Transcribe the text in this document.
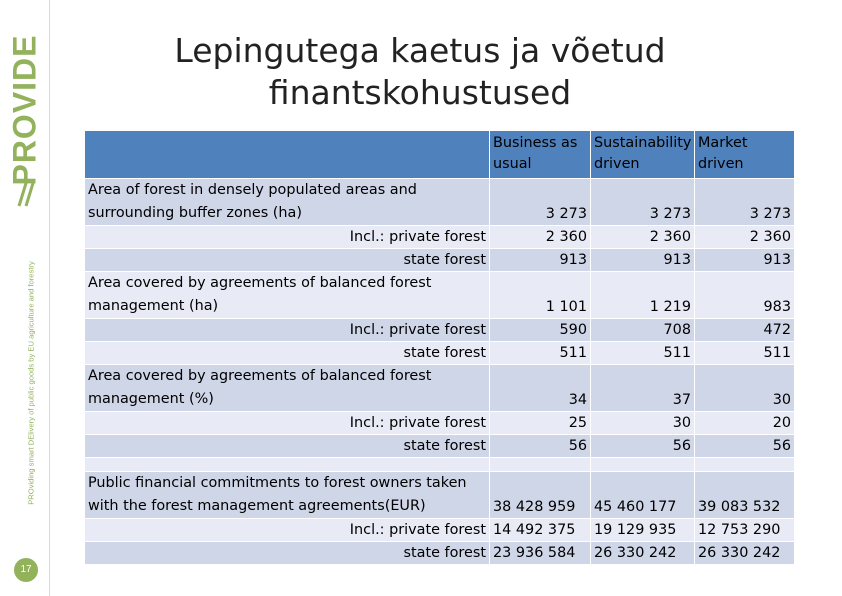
PROVIDE
PROviding smart DElivery of public goods by EU agriculture and forestry
17
Lepingutega kaetus ja võetud
finantskohustused
	Business as usual	Sustainability driven	Market driven
Area of forest in densely populated areas and surrounding buffer zones (ha)	3 273	3 273	3 273
Incl.: private forest	2 360	2 360	2 360
state forest	913	913	913
Area covered by agreements of balanced forest management (ha)	1 101	1 219	983
Incl.: private forest	590	708	472
state forest	511	511	511
Area covered by agreements of balanced forest management (%)	34	37	30
Incl.: private forest	25	30	20
state forest	56	56	56

Public financial commitments to forest owners taken with the forest management agreements(EUR)	38 428 959	45 460 177	39 083 532
Incl.: private forest	14 492 375	19 129 935	12 753 290
state forest	23 936 584	26 330 242	26 330 242
